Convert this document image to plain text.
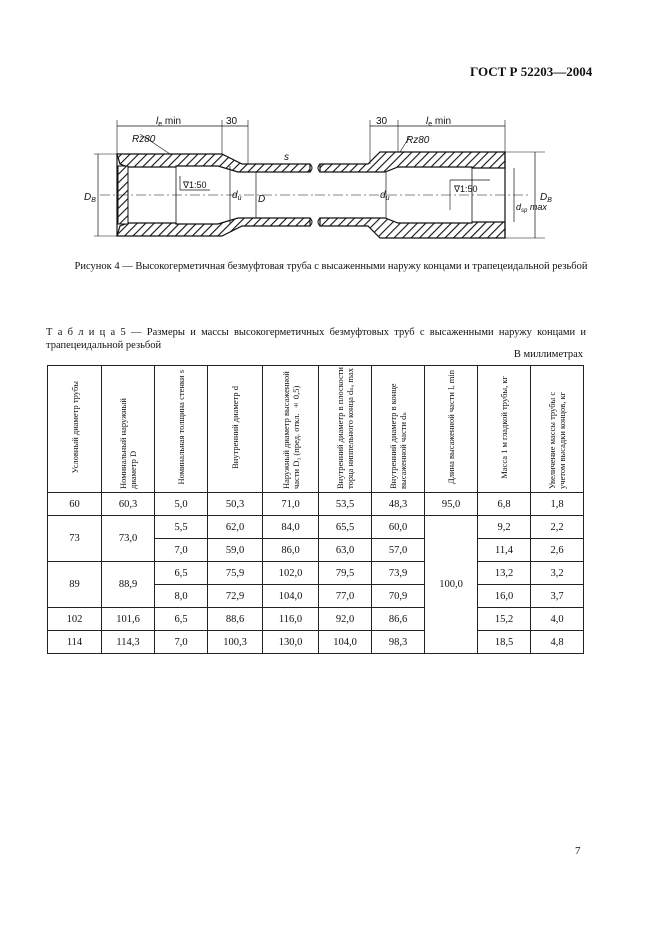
ГОСТ Р 52203—2004
$l_e$ min	30
Rz80
$D_B$
∇1:50
$d_u$ D
s
30	$l_e$ min
Rz80
$d_u$
∇1:50
$d_{sp}$ max
$D_B$
Рисунок 4 — Высокогерметичная безмуфтовая труба с высаженными наружу концами и трапецеидальной резьбой
Т а б л и ц а 5 — Размеры и массы высокогерметичных безмуфтовых труб с высаженными наружу концами и трапецеидальной резьбой
В миллиметрах
Условный диаметр трубы	Номинальный наружный диаметр D	Номинальная толщина стенки s	Внутренний диаметр d	Наружный диаметр высаженной части D₃ (пред. откл. ± 0,5)	Внутренний диаметр в плоскости торца ниппельного конца dₙₐ max	Внутренний диаметр в конце высаженной части dₙ	Длина высаженной части lₑ min	Масса 1 м гладкой трубы, кг	Увеличение массы трубы с учетом высадки концов, кг
60	60,3	5,0	50,3	71,0	53,5	48,3	95,0	6,8	1,8
73	73,0	5,5	62,0	84,0	65,5	60,0	100,0	9,2	2,2
		7,0	59,0	86,0	63,0	57,0		11,4	2,6
89	88,9	6,5	75,9	102,0	79,5	73,9		13,2	3,2
		8,0	72,9	104,0	77,0	70,9		16,0	3,7
102	101,6	6,5	88,6	116,0	92,0	86,6		15,2	4,0
114	114,3	7,0	100,3	130,0	104,0	98,3		18,5	4,8
7
